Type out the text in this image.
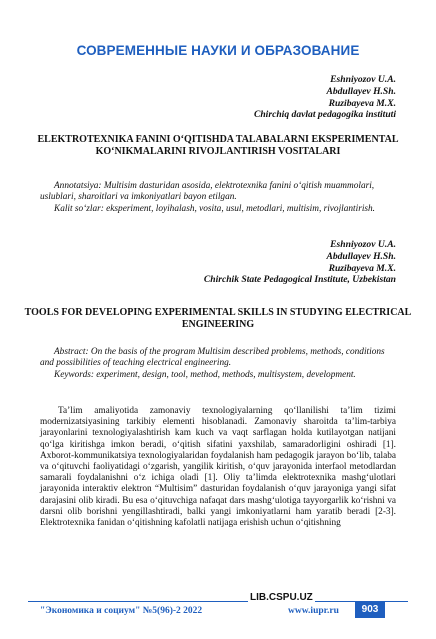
СОВРЕМЕННЫЕ НАУКИ И ОБРАЗОВАНИЕ
Eshniyozov U.A.
Abdullayev H.Sh.
Ruzibayeva M.X.
Chirchiq davlat pedagogika instituti
ELEKTROTEXNIKA FANINI O‘QITISHDA TALABALARNI EKSPERIMENTAL KO‘NIKMALARINI RIVOJLANTIRISH VOSITALARI

Annotatsiya: Multisim dasturidan asosida, elektrotexnika fanini o‘qitish muammolari, uslublari, sharoitlari va imkoniyatlari bayon etilgan.

Kalit so‘zlar: eksperiment, loyihalash, vosita, usul, metodlari, multisim, rivojlantirish.

Eshniyozov U.A.
Abdullayev H.Sh.
Ruzibayeva M.X.
Chirchik State Pedagogical Institute, Uzbekistan
TOOLS FOR DEVELOPING EXPERIMENTAL SKILLS IN STUDYING ELECTRICAL ENGINEERING

Abstract: On the basis of the program Multisim described problems, methods, conditions and possibilities of teaching electrical engineering.

Keywords: experiment, design, tool, method, methods, multisystem, development.

Ta’lim amaliyotida zamonaviy texnologiyalarning qo‘llanilishi ta’lim tizimi modernizatsiyasining tarkibiy elementi hisoblanadi. Zamonaviy sharoitda ta’lim-tarbiya jarayonlarini texnologiyalashtirish kam kuch va vaqt sarflagan holda kutilayotgan natijani qo‘lga kiritishga imkon beradi, o‘qitish sifatini yaxshilab, samaradorligini oshiradi [1]. Axborot-kommunikatsiya texnologiyalaridan foydalanish ham pedagogik jarayon bo‘lib, talaba va o‘qituvchi faoliyatidagi o‘zgarish, yangilik kiritish, o‘quv jarayonida interfaol metodlardan samarali foydalanishni o‘z ichiga oladi [1]. Oliy ta’limda elektrotexnika mashg‘ulotlari jarayonida interaktiv elektron “Multisim” dasturidan foydalanish o‘quv jarayoniga yangi sifat darajasini olib kiradi. Bu esa o‘qituvchiga nafaqat dars mashg‘ulotiga tayyorgarlik ko‘rishni va darsni olib borishni yengillashtiradi, balki yangi imkoniyatlarni ham yaratib beradi [2-3]. Elektrotexnika fanidan o‘qitishning kafolatli natijaga erishish uchun o‘qitishning

LIB.CSPU.UZ
"Экономика и социум" №5(96)-2 2022	www.iupr.ru	903
